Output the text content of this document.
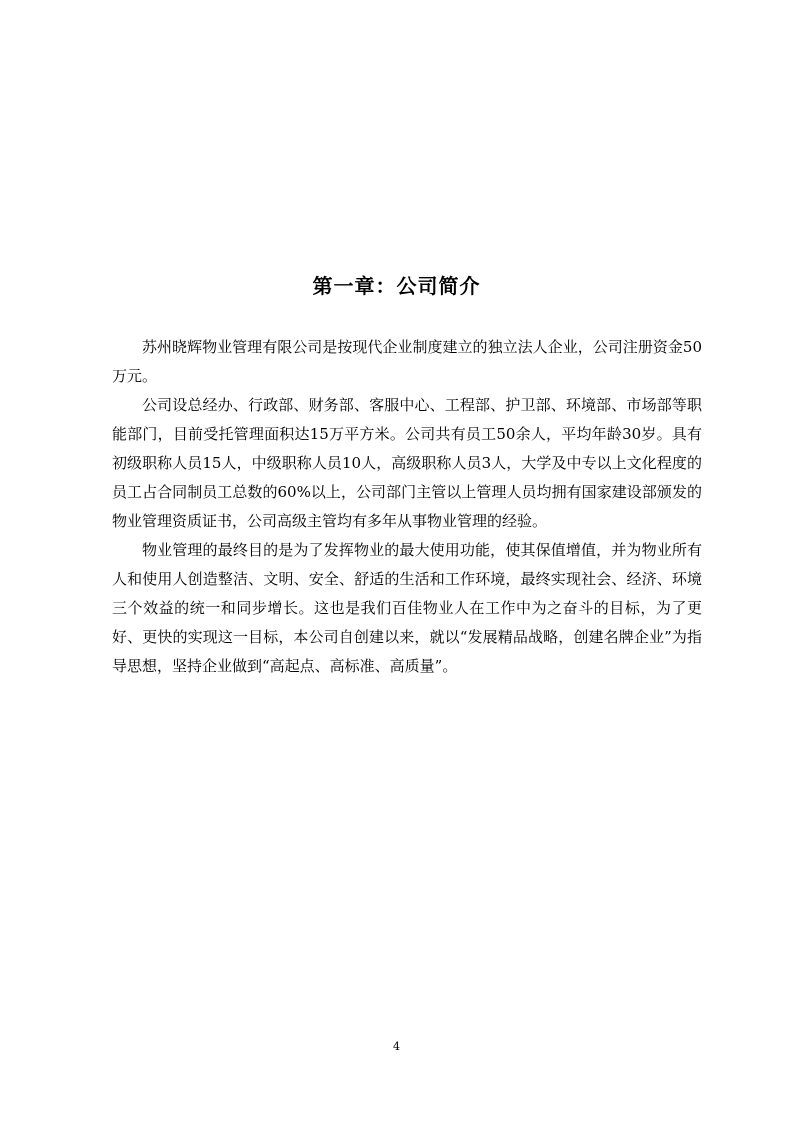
第一章：公司简介

苏州晓辉物业管理有限公司是按现代企业制度建立的独立法人企业，公司注册资金50万元。

公司设总经办、行政部、财务部、客服中心、工程部、护卫部、环境部、市场部等职能部门，目前受托管理面积达15万平方米。公司共有员工50余人，平均年龄30岁。具有初级职称人员15人，中级职称人员10人，高级职称人员3人，大学及中专以上文化程度的员工占合同制员工总数的60%以上，公司部门主管以上管理人员均拥有国家建设部颁发的物业管理资质证书，公司高级主管均有多年从事物业管理的经验。

物业管理的最终目的是为了发挥物业的最大使用功能，使其保值增值，并为物业所有人和使用人创造整洁、文明、安全、舒适的生活和工作环境，最终实现社会、经济、环境三个效益的统一和同步增长。这也是我们百佳物业人在工作中为之奋斗的目标，为了更好、更快的实现这一目标，本公司自创建以来，就以“发展精品战略，创建名牌企业”为指导思想，坚持企业做到“高起点、高标准、高质量”。

4
